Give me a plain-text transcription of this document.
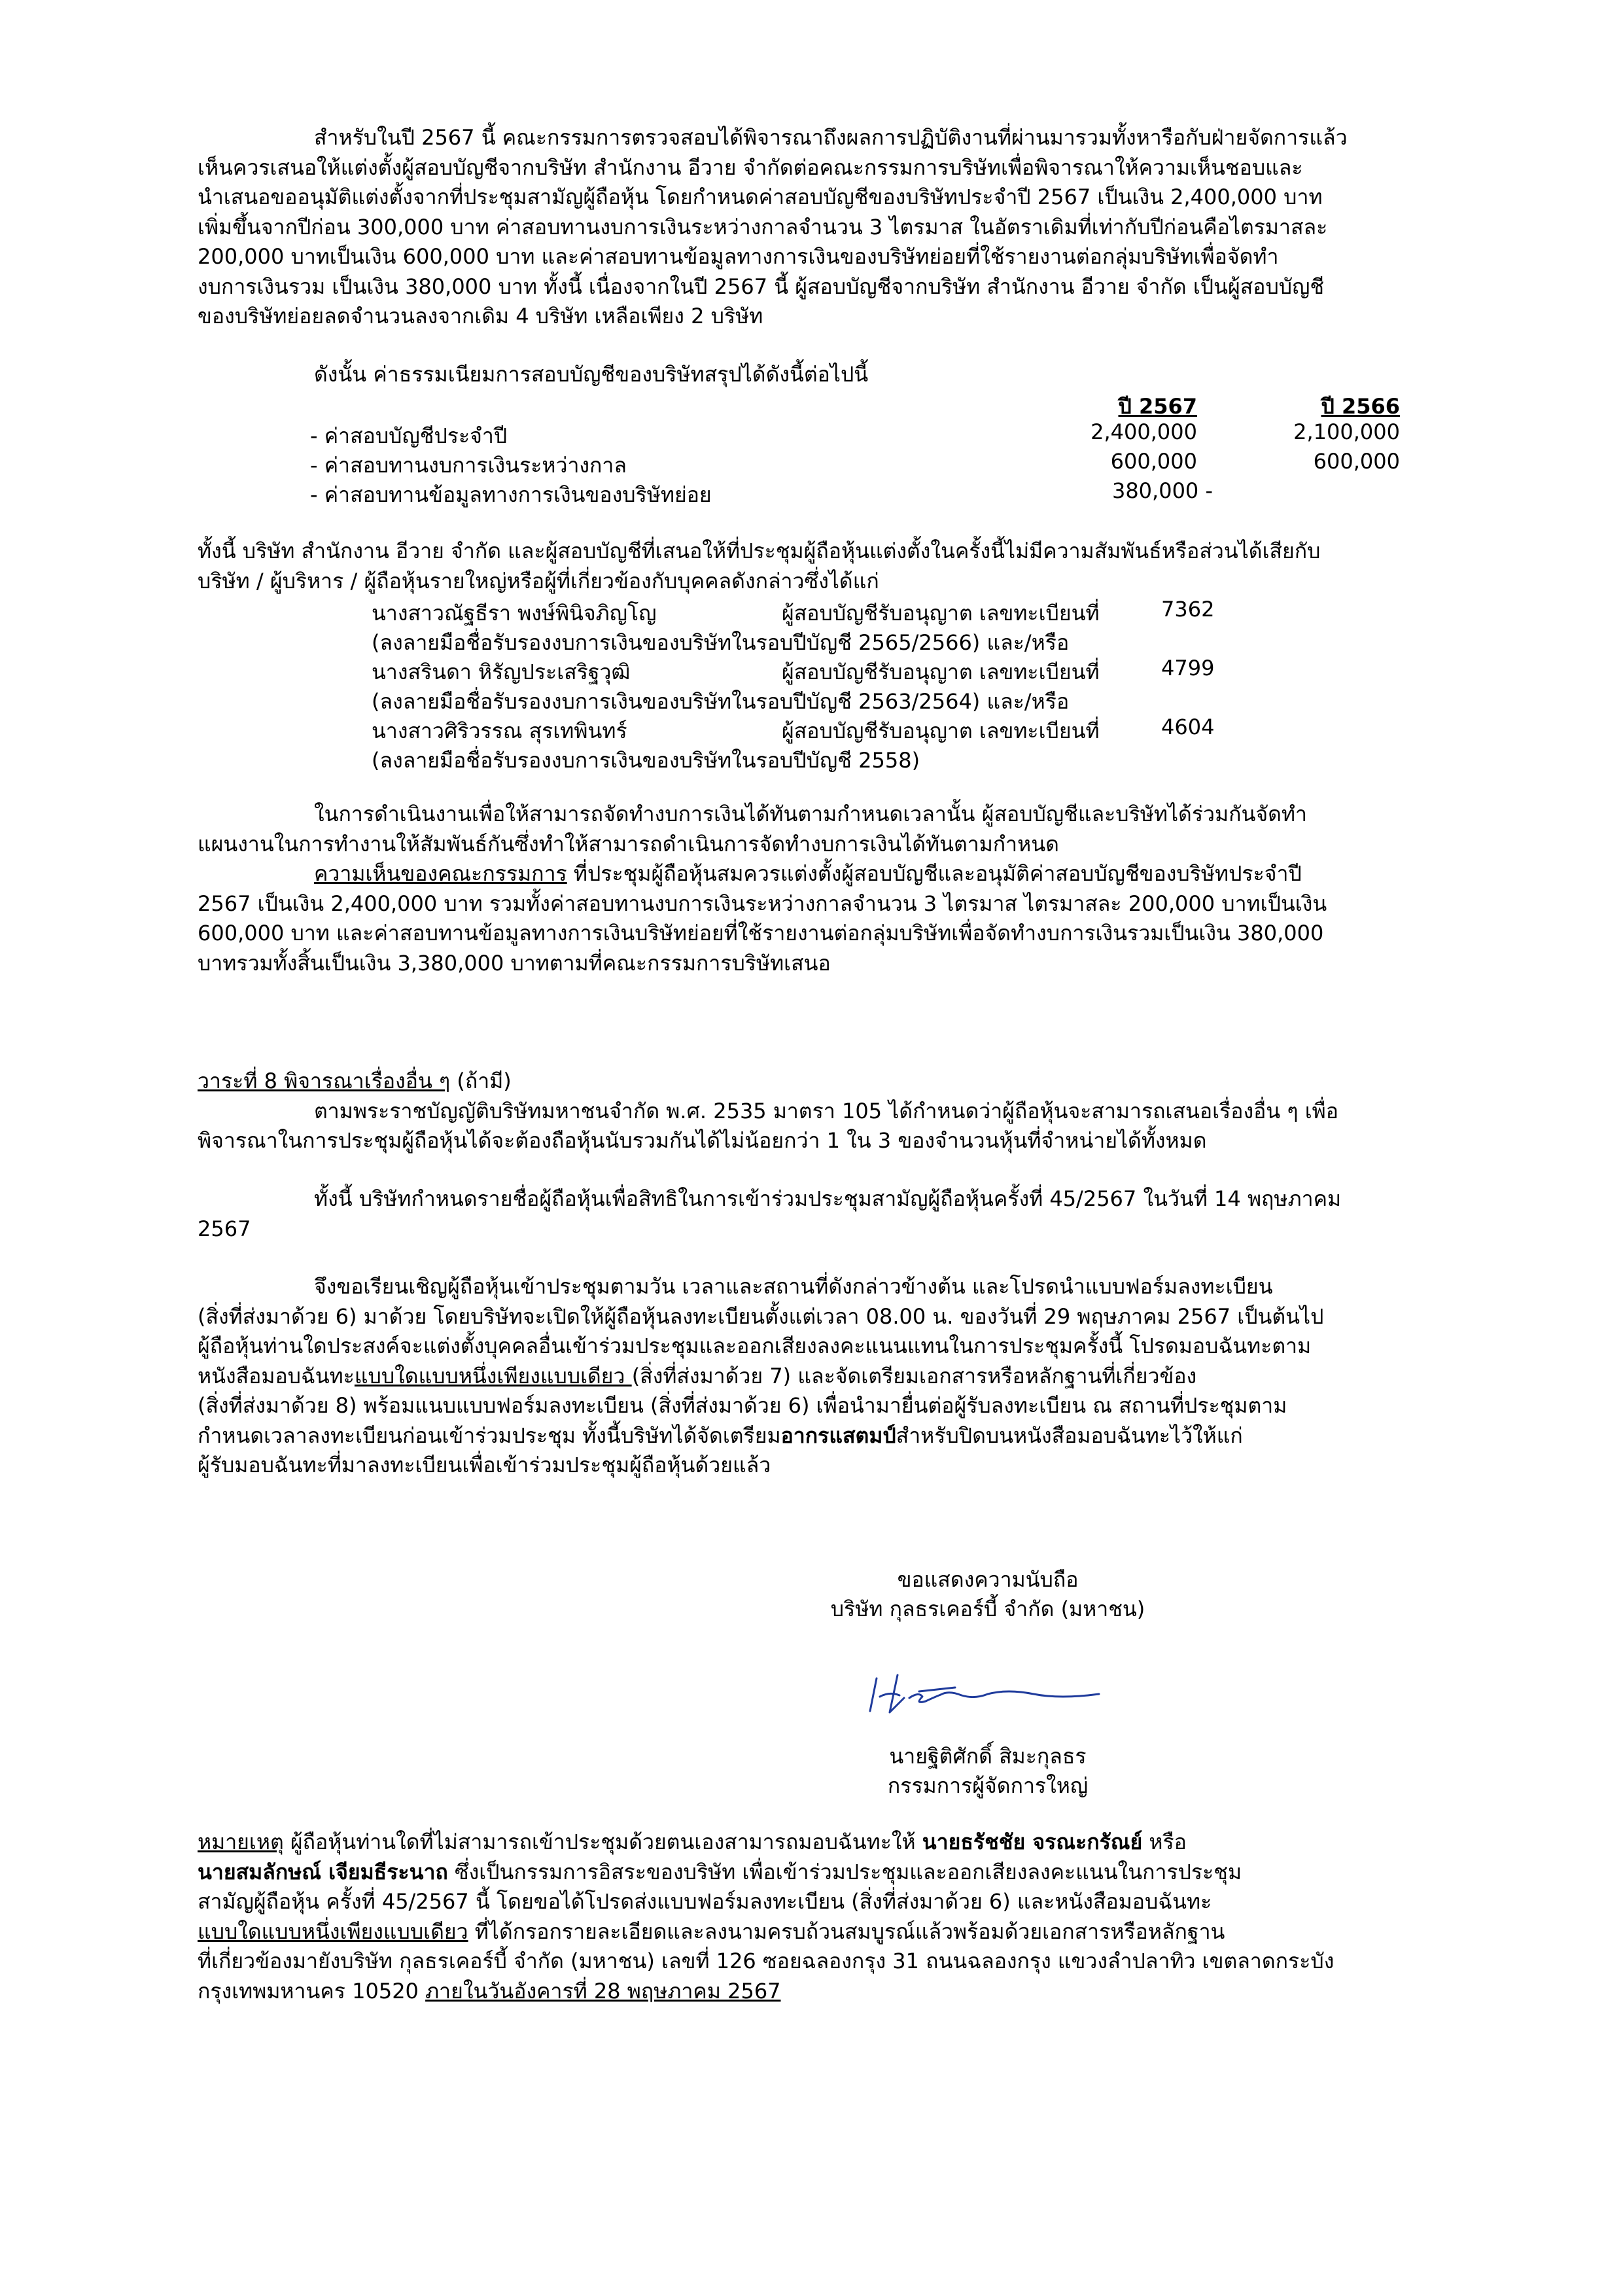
สำหรับในปี 2567 นี้ คณะกรรมการตรวจสอบได้พิจารณาถึงผลการปฏิบัติงานที่ผ่านมารวมทั้งหารือกับฝ่ายจัดการแล้ว

เห็นควรเสนอให้แต่งตั้งผู้สอบบัญชีจากบริษัท สำนักงาน อีวาย จำกัดต่อคณะกรรมการบริษัทเพื่อพิจารณาให้ความเห็นชอบและ

นำเสนอขออนุมัติแต่งตั้งจากที่ประชุมสามัญผู้ถือหุ้น โดยกำหนดค่าสอบบัญชีของบริษัทประจำปี 2567 เป็นเงิน 2,400,000 บาท

เพิ่มขึ้นจากปีก่อน 300,000 บาท ค่าสอบทานงบการเงินระหว่างกาลจำนวน 3 ไตรมาส ในอัตราเดิมที่เท่ากับปีก่อนคือไตรมาสละ

200,000 บาทเป็นเงิน 600,000 บาท และค่าสอบทานข้อมูลทางการเงินของบริษัทย่อยที่ใช้รายงานต่อกลุ่มบริษัทเพื่อจัดทำ

งบการเงินรวม เป็นเงิน 380,000 บาท ทั้งนี้ เนื่องจากในปี 2567 นี้ ผู้สอบบัญชีจากบริษัท สำนักงาน อีวาย จำกัด เป็นผู้สอบบัญชี

ของบริษัทย่อยลดจำนวนลงจากเดิม 4 บริษัท เหลือเพียง 2 บริษัท

ดังนั้น ค่าธรรมเนียมการสอบบัญชีของบริษัทสรุปได้ดังนี้ต่อไปนี้

ปี 2567	ปี 2566
- ค่าสอบบัญชีประจำปี	2,400,000	2,100,000
- ค่าสอบทานงบการเงินระหว่างกาล	600,000	600,000
- ค่าสอบทานข้อมูลทางการเงินของบริษัทย่อย	380,000 -

ทั้งนี้ บริษัท สำนักงาน อีวาย จำกัด และผู้สอบบัญชีที่เสนอให้ที่ประชุมผู้ถือหุ้นแต่งตั้งในครั้งนี้ไม่มีความสัมพันธ์หรือส่วนได้เสียกับ

บริษัท / ผู้บริหาร / ผู้ถือหุ้นรายใหญ่หรือผู้ที่เกี่ยวข้องกับบุคคลดังกล่าวซึ่งได้แก่

นางสาวณัฐธีรา พงษ์พินิจภิญโญ	ผู้สอบบัญชีรับอนุญาต เลขทะเบียนที่	7362
(ลงลายมือชื่อรับรองงบการเงินของบริษัทในรอบปีบัญชี 2565/2566) และ/หรือ
นางสรินดา หิรัญประเสริฐวุฒิ	ผู้สอบบัญชีรับอนุญาต เลขทะเบียนที่	4799
(ลงลายมือชื่อรับรองงบการเงินของบริษัทในรอบปีบัญชี 2563/2564) และ/หรือ
นางสาวศิริวรรณ สุรเทพินทร์	ผู้สอบบัญชีรับอนุญาต เลขทะเบียนที่	4604
(ลงลายมือชื่อรับรองงบการเงินของบริษัทในรอบปีบัญชี 2558)

ในการดำเนินงานเพื่อให้สามารถจัดทำงบการเงินได้ทันตามกำหนดเวลานั้น ผู้สอบบัญชีและบริษัทได้ร่วมกันจัดทำ

แผนงานในการทำงานให้สัมพันธ์กันซึ่งทำให้สามารถดำเนินการจัดทำงบการเงินได้ทันตามกำหนด

ความเห็นของคณะกรรมการ ที่ประชุมผู้ถือหุ้นสมควรแต่งตั้งผู้สอบบัญชีและอนุมัติค่าสอบบัญชีของบริษัทประจำปี

2567 เป็นเงิน 2,400,000 บาท รวมทั้งค่าสอบทานงบการเงินระหว่างกาลจำนวน 3 ไตรมาส ไตรมาสละ 200,000 บาทเป็นเงิน

600,000 บาท และค่าสอบทานข้อมูลทางการเงินบริษัทย่อยที่ใช้รายงานต่อกลุ่มบริษัทเพื่อจัดทำงบการเงินรวมเป็นเงิน 380,000

บาทรวมทั้งสิ้นเป็นเงิน 3,380,000 บาทตามที่คณะกรรมการบริษัทเสนอ

วาระที่ 8 พิจารณาเรื่องอื่น ๆ (ถ้ามี)

ตามพระราชบัญญัติบริษัทมหาชนจำกัด พ.ศ. 2535 มาตรา 105 ได้กำหนดว่าผู้ถือหุ้นจะสามารถเสนอเรื่องอื่น ๆ เพื่อ

พิจารณาในการประชุมผู้ถือหุ้นได้จะต้องถือหุ้นนับรวมกันได้ไม่น้อยกว่า 1 ใน 3 ของจำนวนหุ้นที่จำหน่ายได้ทั้งหมด

ทั้งนี้ บริษัทกำหนดรายชื่อผู้ถือหุ้นเพื่อสิทธิในการเข้าร่วมประชุมสามัญผู้ถือหุ้นครั้งที่ 45/2567 ในวันที่ 14 พฤษภาคม

2567

จึงขอเรียนเชิญผู้ถือหุ้นเข้าประชุมตามวัน เวลาและสถานที่ดังกล่าวข้างต้น และโปรดนำแบบฟอร์มลงทะเบียน

(สิ่งที่ส่งมาด้วย 6) มาด้วย โดยบริษัทจะเปิดให้ผู้ถือหุ้นลงทะเบียนตั้งแต่เวลา 08.00 น. ของวันที่ 29 พฤษภาคม 2567 เป็นต้นไป

ผู้ถือหุ้นท่านใดประสงค์จะแต่งตั้งบุคคลอื่นเข้าร่วมประชุมและออกเสียงลงคะแนนแทนในการประชุมครั้งนี้ โปรดมอบฉันทะตาม

หนังสือมอบฉันทะแบบใดแบบหนึ่งเพียงแบบเดียว (สิ่งที่ส่งมาด้วย 7) และจัดเตรียมเอกสารหรือหลักฐานที่เกี่ยวข้อง

(สิ่งที่ส่งมาด้วย 8) พร้อมแนบแบบฟอร์มลงทะเบียน (สิ่งที่ส่งมาด้วย 6) เพื่อนำมายื่นต่อผู้รับลงทะเบียน ณ สถานที่ประชุมตาม

กำหนดเวลาลงทะเบียนก่อนเข้าร่วมประชุม ทั้งนี้บริษัทได้จัดเตรียมอากรแสตมป์สำหรับปิดบนหนังสือมอบฉันทะไว้ให้แก่

ผู้รับมอบฉันทะที่มาลงทะเบียนเพื่อเข้าร่วมประชุมผู้ถือหุ้นด้วยแล้ว

ขอแสดงความนับถือ

บริษัท กุลธรเคอร์บี้ จำกัด (มหาชน)

นายฐิติศักดิ์ สิมะกุลธร

กรรมการผู้จัดการใหญ่

หมายเหตุ ผู้ถือหุ้นท่านใดที่ไม่สามารถเข้าประชุมด้วยตนเองสามารถมอบฉันทะให้ นายธรัชชัย จรณะกรัณย์ หรือ

นายสมลักษณ์ เจียมธีระนาถ ซึ่งเป็นกรรมการอิสระของบริษัท เพื่อเข้าร่วมประชุมและออกเสียงลงคะแนนในการประชุม

สามัญผู้ถือหุ้น ครั้งที่ 45/2567 นี้ โดยขอได้โปรดส่งแบบฟอร์มลงทะเบียน (สิ่งที่ส่งมาด้วย 6) และหนังสือมอบฉันทะ

แบบใดแบบหนึ่งเพียงแบบเดียว ที่ได้กรอกรายละเอียดและลงนามครบถ้วนสมบูรณ์แล้วพร้อมด้วยเอกสารหรือหลักฐาน

ที่เกี่ยวข้องมายังบริษัท กุลธรเคอร์บี้ จำกัด (มหาชน) เลขที่ 126 ซอยฉลองกรุง 31 ถนนฉลองกรุง แขวงลำปลาทิว เขตลาดกระบัง

กรุงเทพมหานคร 10520 ภายในวันอังคารที่ 28 พฤษภาคม 2567
